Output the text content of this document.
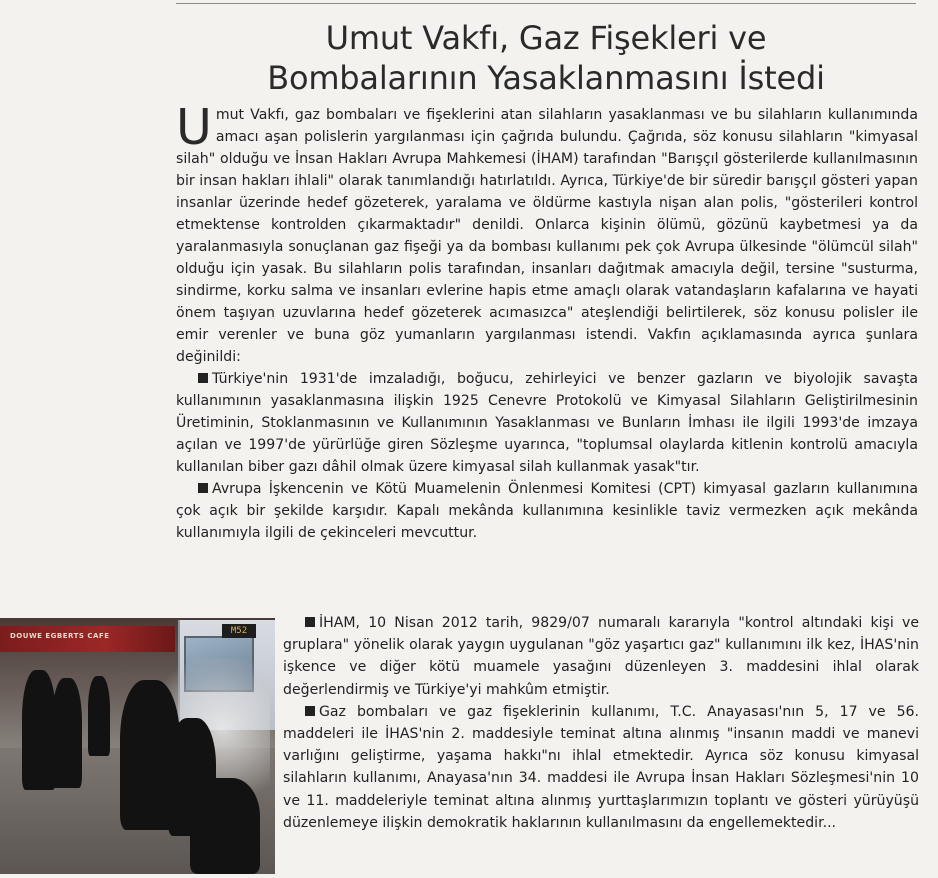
Umut Vakfı, Gaz Fişekleri ve
Bombalarının Yasaklanmasını İstedi

Umut Vakfı, gaz bombaları ve fişeklerini atan silahların yasaklanması ve bu silahların kullanımında amacı aşan polislerin yargılanması için çağrıda bulundu. Çağrıda, söz konusu silahların "kimyasal silah" olduğu ve İnsan Hakları Avrupa Mahkemesi (İHAM) tarafından "Barışçıl gösterilerde kullanılmasının bir insan hakları ihlali" olarak tanımlandığı hatırlatıldı. Ayrıca, Türkiye'de bir süredir barışçıl gösteri yapan insanlar üzerinde hedef gözeterek, yaralama ve öldürme kastıyla nişan alan polis, "gösterileri kontrol etmektense kontrolden çıkarmaktadır" denildi. Onlarca kişinin ölümü, gözünü kaybetmesi ya da yaralanmasıyla sonuçlanan gaz fişeği ya da bombası kullanımı pek çok Avrupa ülkesinde "ölümcül silah" olduğu için yasak. Bu silahların polis tarafından, insanları dağıtmak amacıyla değil, tersine "susturma, sindirme, korku salma ve insanları evlerine hapis etme amaçlı olarak vatandaşların kafalarına ve hayati önem taşıyan uzuvlarına hedef gözeterek acımasızca" ateşlendiği belirtilerek, söz konusu polisler ile emir verenler ve buna göz yumanların yargılanması istendi. Vakfın açıklamasında ayrıca şunlara değinildi:

Türkiye'nin 1931'de imzaladığı, boğucu, zehirleyici ve benzer gazların ve biyolojik savaşta kullanımının yasaklanmasına ilişkin 1925 Cenevre Protokolü ve Kimyasal Silahların Geliştirilmesinin Üretiminin, Stoklanmasının ve Kullanımının Yasaklanması ve Bunların İmhası ile ilgili 1993'de imzaya açılan ve 1997'de yürürlüğe giren Sözleşme uyarınca, "toplumsal olaylarda kitlenin kontrolü amacıyla kullanılan biber gazı dâhil olmak üzere kimyasal silah kullanmak yasak"tır.

Avrupa İşkencenin ve Kötü Muamelenin Önlenmesi Komitesi (CPT) kimyasal gazların kullanımına çok açık bir şekilde karşıdır. Kapalı mekânda kullanımına kesinlikle taviz vermezken açık mekânda kullanımıyla ilgili de çekinceleri mevcuttur.

DOUWE EGBERTS CAFE	M52	İHAM, 10 Nisan 2012 tarih, 9829/07 numaralı kararıyla "kontrol altındaki kişi ve gruplara" yönelik olarak yaygın uygulanan "göz yaşartıcı gaz" kullanımını ilk kez, İHAS'nin işkence ve diğer kötü muamele yasağını düzenleyen 3. maddesini ihlal olarak değerlendirmiş ve Türkiye'yi mahkûm etmiştir.

Gaz bombaları ve gaz fişeklerinin kullanımı, T.C. Anayasası'nın 5, 17 ve 56. maddeleri ile İHAS'nin 2. maddesiyle teminat altına alınmış "insanın maddi ve manevi varlığını geliştirme, yaşama hakkı"nı ihlal etmektedir. Ayrıca söz konusu kimyasal silahların kullanımı, Anayasa'nın 34. maddesi ile Avrupa İnsan Hakları Sözleşmesi'nin 10 ve 11. maddeleriyle teminat altına alınmış yurttaşlarımızın toplantı ve gösteri yürüyüşü düzenlemeye ilişkin demokratik haklarının kullanılmasını da engellemektedir...
